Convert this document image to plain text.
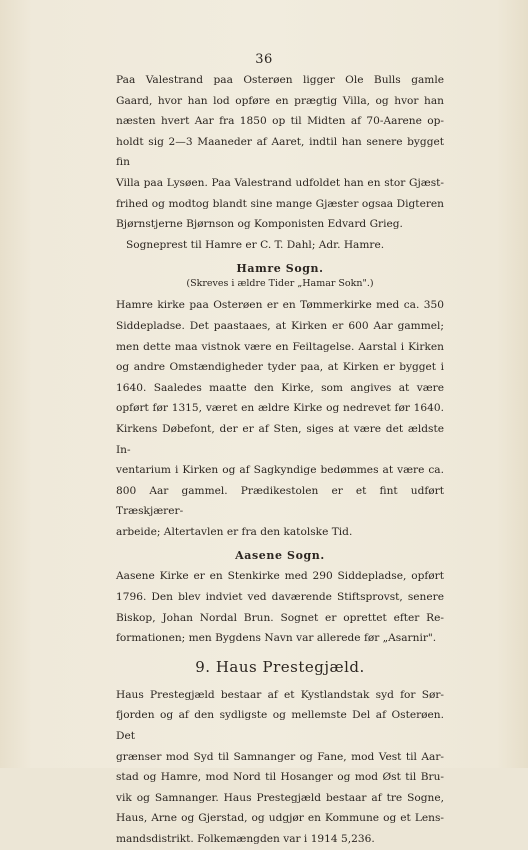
36
Paa Valestrand paa Osterøen ligger Ole Bulls gamle
Gaard, hvor han lod opføre en prægtig Villa, og hvor han
næsten hvert Aar fra 1850 op til Midten af 70-Aarene op-
holdt sig 2—3 Maaneder af Aaret, indtil han senere bygget fin
Villa paa Lysøen. Paa Valestrand udfoldet han en stor Gjæst-
frihed og modtog blandt sine mange Gjæster ogsaa Digteren
Bjørnstjerne Bjørnson og Komponisten Edvard Grieg.
Sogneprest til Hamre er C. T. Dahl; Adr. Hamre.
Hamre Sogn.
(Skreves i ældre Tider „Hamar Sokn".)
Hamre kirke paa Osterøen er en Tømmerkirke med ca. 350
Siddepladse. Det paastaaes, at Kirken er 600 Aar gammel;
men dette maa vistnok være en Feiltagelse. Aarstal i Kirken
og andre Omstændigheder tyder paa, at Kirken er bygget i
1640. Saaledes maatte den Kirke, som angives at være
opført før 1315, været en ældre Kirke og nedrevet før 1640.
Kirkens Døbefont, der er af Sten, siges at være det ældste In-
ventarium i Kirken og af Sagkyndige bedømmes at være ca.
800 Aar gammel. Prædikestolen er et fint udført Træskjærer-
arbeide; Altertavlen er fra den katolske Tid.
Aasene Sogn.
Aasene Kirke er en Stenkirke med 290 Siddepladse, opført
1796. Den blev indviet ved daværende Stiftsprovst, senere
Biskop, Johan Nordal Brun. Sognet er oprettet efter Re-
formationen; men Bygdens Navn var allerede før „Asarnir".
9. Haus Prestegjæld.
Haus Prestegjæld bestaar af et Kystlandstak syd for Sør-
fjorden og af den sydligste og mellemste Del af Osterøen. Det
grænser mod Syd til Samnanger og Fane, mod Vest til Aar-
stad og Hamre, mod Nord til Hosanger og mod Øst til Bru-
vik og Samnanger. Haus Prestegjæld bestaar af tre Sogne,
Haus, Arne og Gjerstad, og udgjør en Kommune og et Lens-
mandsdistrikt. Folkemængden var i 1914 5,236.
